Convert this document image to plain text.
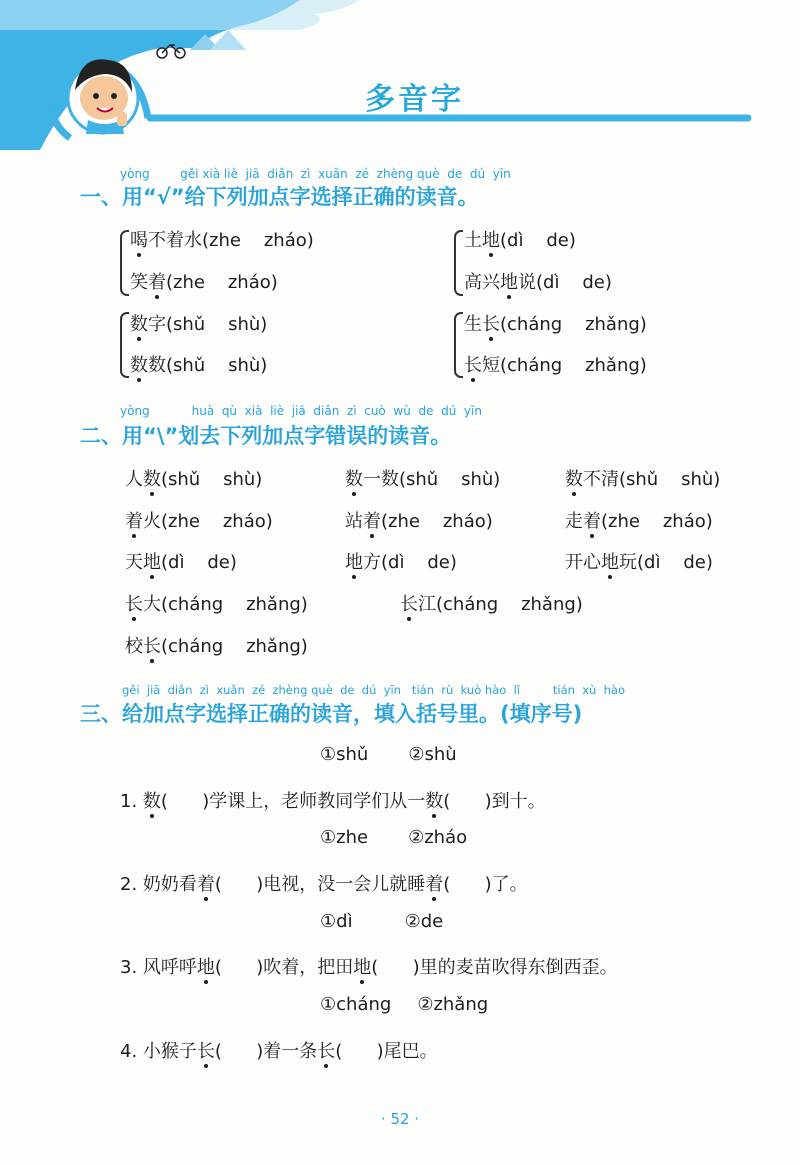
多音字
yòng        gěi xià liè  jiā  diǎn  zì  xuǎn  zé  zhèng què  de  dú  yīn
一、用“√”给下列加点字选择正确的读音。
喝不着水(zhe    zháo)
笑着(zhe    zháo)
土地(dì    de)
高兴地说(dì    de)
数字(shǔ    shù)
数数(shǔ    shù)
生长(cháng    zhǎng)
长短(cháng    zhǎng)
yòng           huà  qù  xià  liè  jiā  diǎn  zì  cuò  wù  de  dú  yīn
二、用“\”划去下列加点字错误的读音。
人数(shǔ    shù)	数一数(shǔ    shù)	数不清(shǔ    shù)
着火(zhe    zháo)	站着(zhe    zháo)	走着(zhe    zháo)
天地(dì    de)	地方(dì    de)	开心地玩(dì    de)
长大(cháng    zhǎng)	长江(cháng    zhǎng)
校长(cháng    zhǎng)
gěi  jiā  diǎn  zì  xuǎn  zé  zhèng què  de  dú  yīn   tián  rù  kuò hào  lǐ         tián  xù  hào
三、给加点字选择正确的读音，填入括号里。(填序号)
①shǔ ②shù
1. 数(      )学课上，老师教同学们从一数(      )到十。
①zhe ②zháo
2. 奶奶看着(      )电视，没一会儿就睡着(      )了。
①dì	②de
3. 风呼呼地(      )吹着，把田地(      )里的麦苗吹得东倒西歪。
①cháng ②zhǎng
4. 小猴子长(      )着一条长(      )尾巴。
· 52 ·
